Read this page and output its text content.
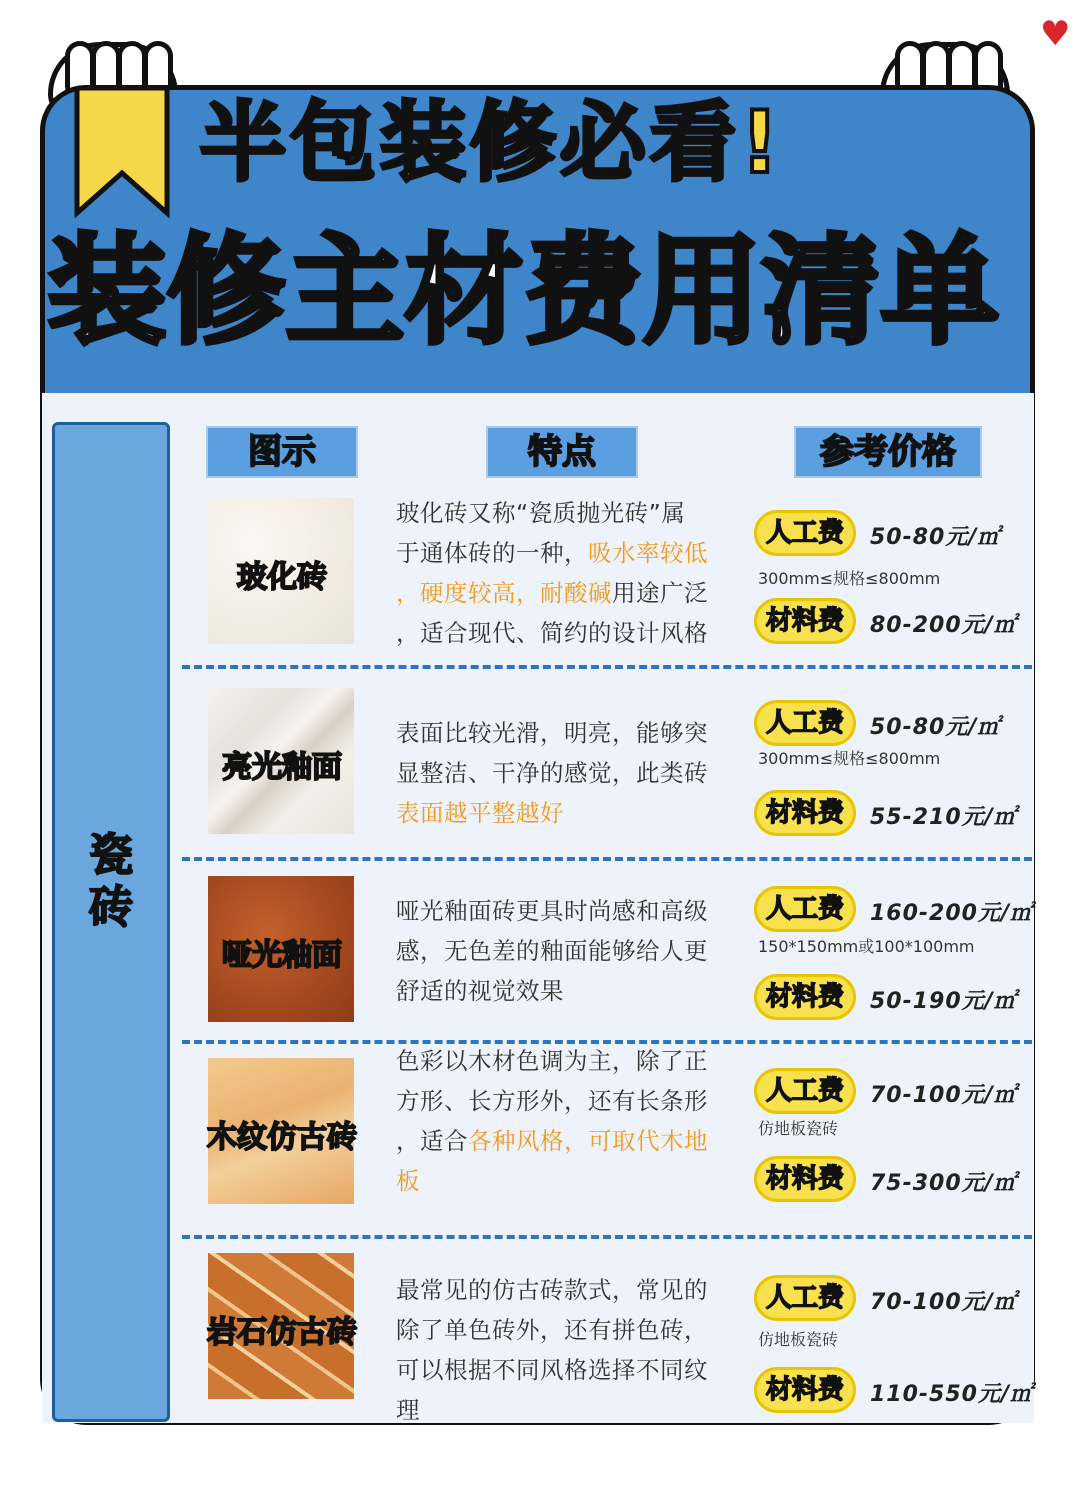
♥
半包装修必看!
装修主材费用清单
瓷
砖
图示	特点	参考价格
玻化砖
玻化砖又称“瓷质抛光砖”属
于通体砖的一种，吸水率较低
，硬度较高，耐酸碱用途广泛
，适合现代、简约的设计风格
人工费	50-80元/㎡
300mm≤规格≤800mm
材料费	80-200元/㎡
亮光釉面
表面比较光滑，明亮，能够突
显整洁、干净的感觉，此类砖
表面越平整越好
人工费	50-80元/㎡
300mm≤规格≤800mm
材料费	55-210元/㎡
哑光釉面
哑光釉面砖更具时尚感和高级
感，无色差的釉面能够给人更
舒适的视觉效果
人工费	160-200元/㎡
150*150mm或100*100mm
材料费	50-190元/㎡
木纹仿古砖
色彩以木材色调为主，除了正
方形、长方形外，还有长条形
，适合各种风格，可取代木地
板
人工费	70-100元/㎡
仿地板瓷砖
材料费	75-300元/㎡
岩石仿古砖
最常见的仿古砖款式，常见的
除了单色砖外，还有拼色砖，
可以根据不同风格选择不同纹
理
人工费	70-100元/㎡
仿地板瓷砖
材料费	110-550元/㎡
